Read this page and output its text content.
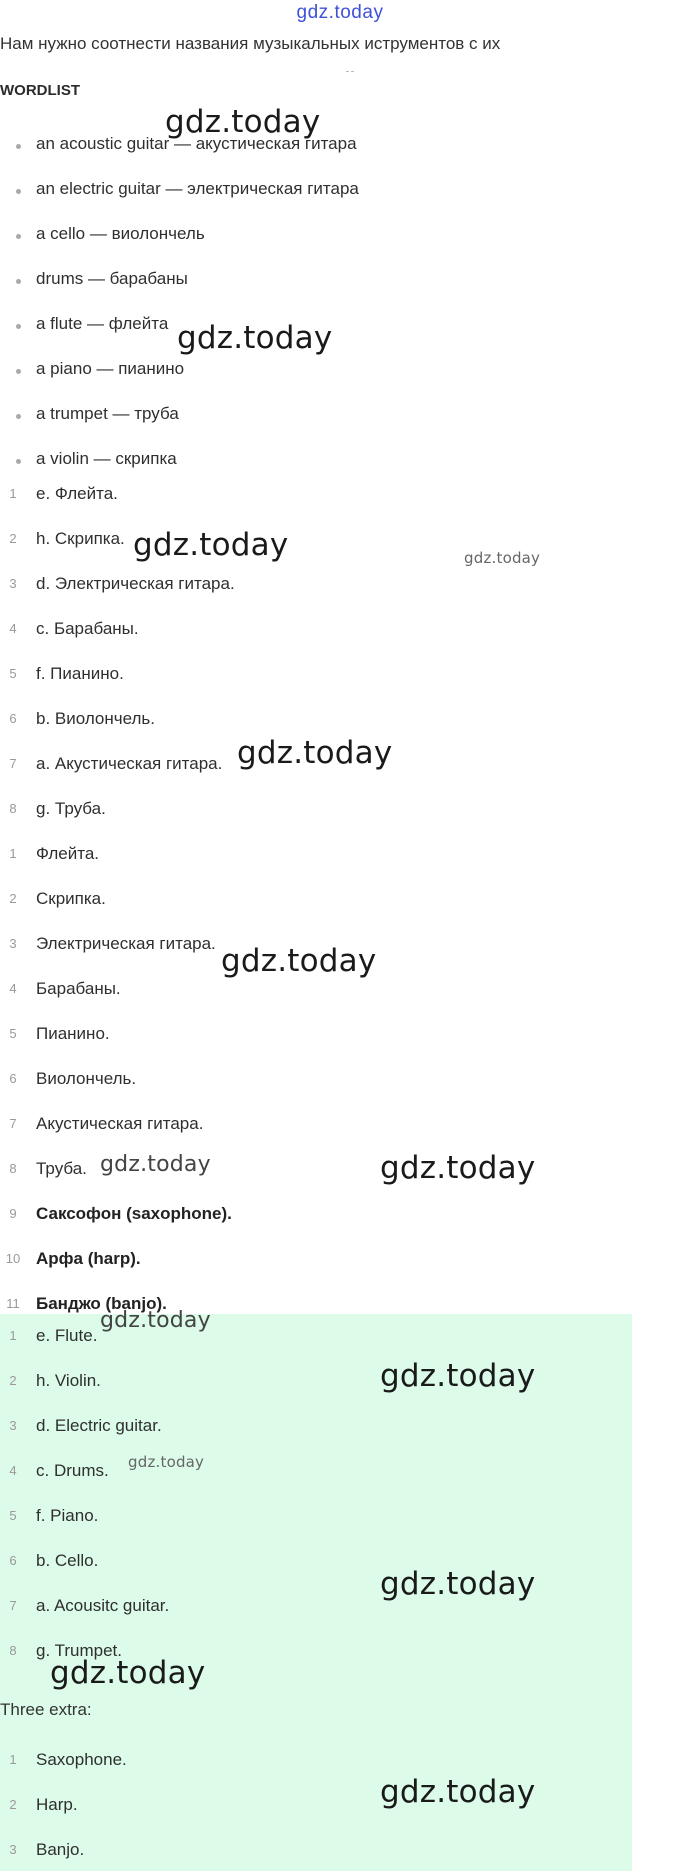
gdz.today
Нам нужно соотнести названия музыкальных иструментов с их
WORDLIST
an acoustic guitar — акустическая гитара
an electric guitar — электрическая гитара
a cello — виолончель
drums — барабаны
a flute — флейта
a piano — пианино
a trumpet — труба
a violin — скрипка
1	e. Флейта.
2	h. Скрипка.
3	d. Электрическая гитара.
4	c. Барабаны.
5	f. Пианино.
6	b. Виолончель.
7	a. Акустическая гитара.
8	g. Труба.
1	Флейта.
2	Скрипка.
3	Электрическая гитара.
4	Барабаны.
5	Пианино.
6	Виолончель.
7	Акустическая гитара.
8	Труба.
9	Саксофон (saxophone).
10 Арфа (harp).
11 Банджо (banjo).
1	e. Flute.
2	h. Violin.
3	d. Electric guitar.
4	c. Drums.
5	f. Piano.
6	b. Cello.
7	a. Acousitc guitar.
8	g. Trumpet.
Three extra:
1	Saxophone.
2	Harp.
3	Banjo.
gdz.today
gdz.today
gdz.today	gdz.today
gdz.today
gdz.today
gdz.today	gdz.today
gdz.today
gdz.today
gdz.today
gdz.today
gdz.today
gdz.today
